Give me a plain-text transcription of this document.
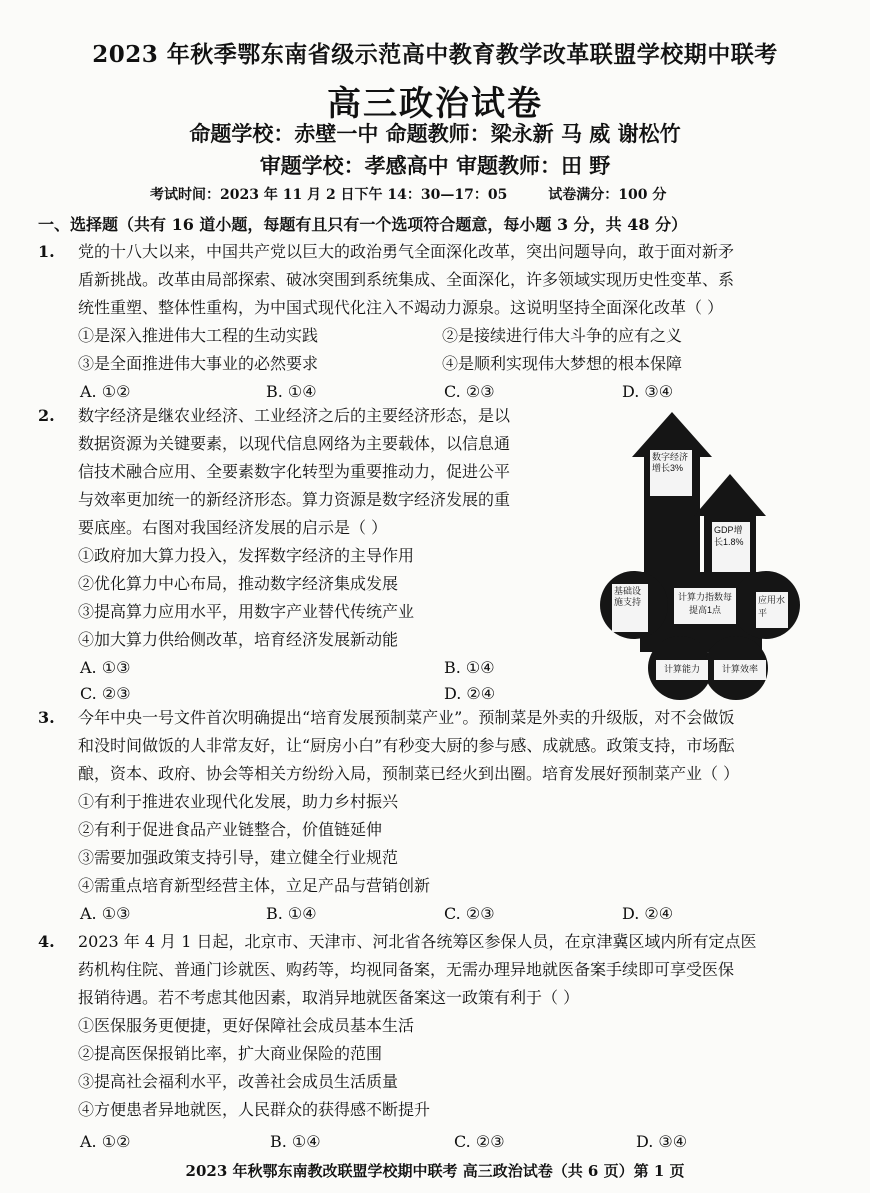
2023 年秋季鄂东南省级示范高中教育教学改革联盟学校期中联考
高三政治试卷
命题学校：赤壁一中 命题教师：梁永新 马 威 谢松竹
审题学校：孝感高中 审题教师：田 野
考试时间：2023 年 11 月 2 日下午 14：30—17：05	试卷满分：100 分
一、选择题（共有 16 道小题，每题有且只有一个选项符合题意，每小题 3 分，共 48 分）
1. 党的十八大以来，中国共产党以巨大的政治勇气全面深化改革，突出问题导向，敢于面对新矛
盾新挑战。改革由局部探索、破冰突围到系统集成、全面深化，许多领域实现历史性变革、系
统性重塑、整体性重构，为中国式现代化注入不竭动力源泉。这说明坚持全面深化改革（ ）
①是深入推进伟大工程的生动实践	②是接续进行伟大斗争的应有之义
③是全面推进伟大事业的必然要求	④是顺利实现伟大梦想的根本保障
A. ①②	B. ①④	C. ②③	D. ③④
2. 数字经济是继农业经济、工业经济之后的主要经济形态，是以
数据资源为关键要素，以现代信息网络为主要载体，以信息通
信技术融合应用、全要素数字化转型为重要推动力，促进公平
与效率更加统一的新经济形态。算力资源是数字经济发展的重
要底座。右图对我国经济发展的启示是（ ）
①政府加大算力投入，发挥数字经济的主导作用
②优化算力中心布局，推动数字经济集成发展
③提高算力应用水平，用数字产业替代传统产业
④加大算力供给侧改革，培育经济发展新动能
A. ①③	B. ①④
C. ②③	D. ②④
数字经济增长3%
GDP增长1.8%
基础设施支持	计算力指数每提高1点
应用水平
计算能力	计算效率
3. 今年中央一号文件首次明确提出“培育发展预制菜产业”。预制菜是外卖的升级版，对不会做饭
和没时间做饭的人非常友好，让“厨房小白”有秒变大厨的参与感、成就感。政策支持，市场酝
酿，资本、政府、协会等相关方纷纷入局，预制菜已经火到出圈。培育发展好预制菜产业（ ）
①有利于推进农业现代化发展，助力乡村振兴
②有利于促进食品产业链整合，价值链延伸
③需要加强政策支持引导，建立健全行业规范
④需重点培育新型经营主体，立足产品与营销创新
A. ①③	B. ①④	C. ②③	D. ②④
4. 2023 年 4 月 1 日起，北京市、天津市、河北省各统筹区参保人员，在京津冀区域内所有定点医
药机构住院、普通门诊就医、购药等，均视同备案，无需办理异地就医备案手续即可享受医保
报销待遇。若不考虑其他因素，取消异地就医备案这一政策有利于（ ）
①医保服务更便捷，更好保障社会成员基本生活
②提高医保报销比率，扩大商业保险的范围
③提高社会福利水平，改善社会成员生活质量
④方便患者异地就医，人民群众的获得感不断提升
A. ①②	B. ①④	C. ②③	D. ③④
2023 年秋鄂东南教改联盟学校期中联考 高三政治试卷（共 6 页）第 1 页
